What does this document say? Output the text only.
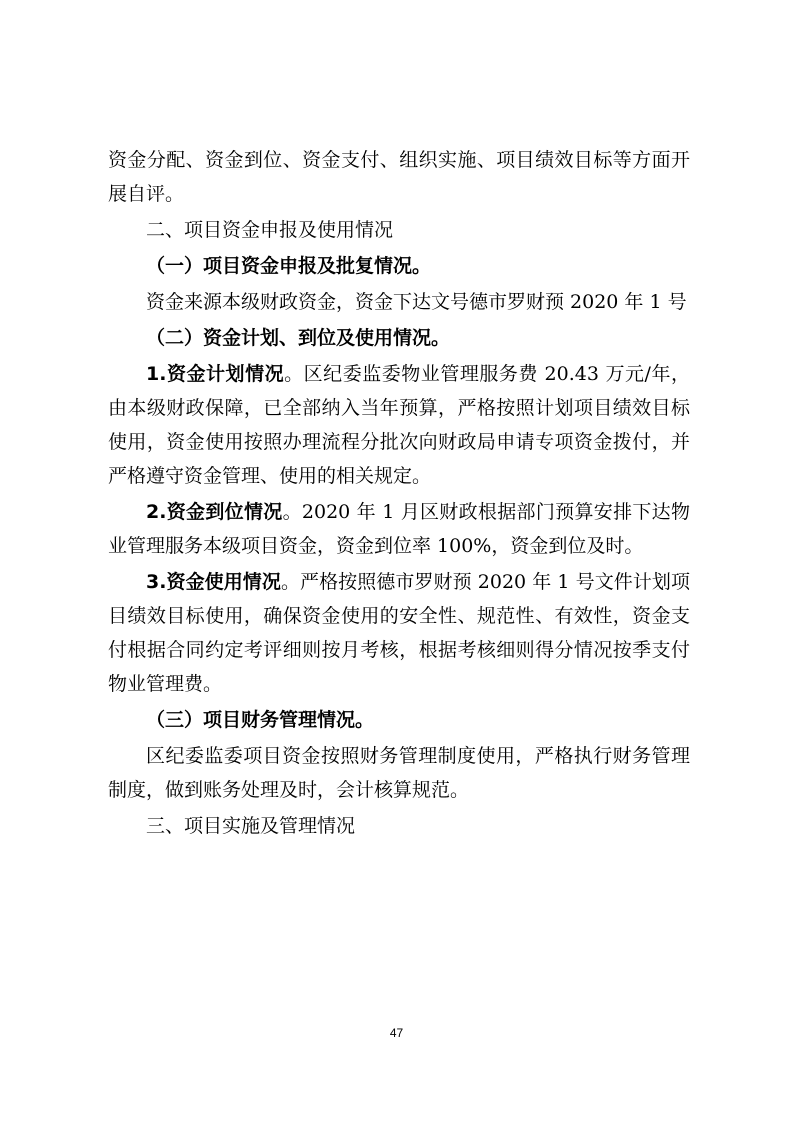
资金分配、资金到位、资金支付、组织实施、项目绩效目标等方面开展自评。

二、项目资金申报及使用情况

（一）项目资金申报及批复情况。

资金来源本级财政资金，资金下达文号德市罗财预 2020 年 1 号

（二）资金计划、到位及使用情况。

1.资金计划情况。区纪委监委物业管理服务费 20.43 万元/年，由本级财政保障，已全部纳入当年预算，严格按照计划项目绩效目标使用，资金使用按照办理流程分批次向财政局申请专项资金拨付，并严格遵守资金管理、使用的相关规定。

2.资金到位情况。2020 年 1 月区财政根据部门预算安排下达物业管理服务本级项目资金，资金到位率 100%，资金到位及时。

3.资金使用情况。严格按照德市罗财预 2020 年 1 号文件计划项目绩效目标使用，确保资金使用的安全性、规范性、有效性，资金支付根据合同约定考评细则按月考核，根据考核细则得分情况按季支付物业管理费。

（三）项目财务管理情况。

区纪委监委项目资金按照财务管理制度使用，严格执行财务管理制度，做到账务处理及时，会计核算规范。

三、项目实施及管理情况

47
